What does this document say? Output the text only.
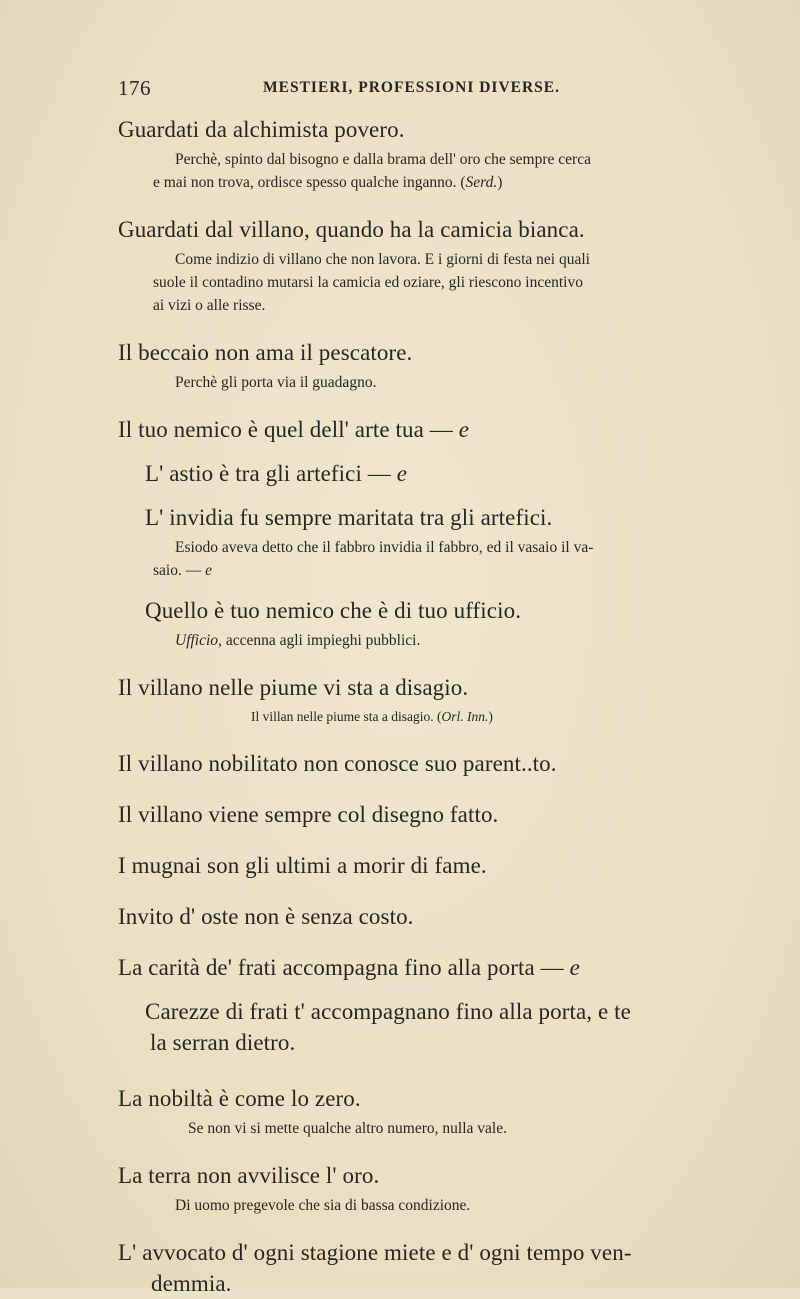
176	MESTIERI, PROFESSIONI DIVERSE.

Guardati da alchimista povero.

Perchè, spinto dal bisogno e dalla brama dell' oro che sempre cerca
e mai non trova, ordisce spesso qualche inganno. (Serd.)

Guardati dal villano, quando ha la camicia bianca.

Come indizio di villano che non lavora. E i giorni di festa nei quali
suole il contadino mutarsi la camicia ed oziare, gli riescono incentivo
ai vizi o alle risse.

Il beccaio non ama il pescatore.

Perchè gli porta via il guadagno.

Il tuo nemico è quel dell' arte tua — e

L' astio è tra gli artefici — e

L' invidia fu sempre maritata tra gli artefici.

Esiodo aveva detto che il fabbro invidia il fabbro, ed il vasaio il va-
saio. — e

Quello è tuo nemico che è di tuo ufficio.

Ufficio, accenna agli impieghi pubblici.

Il villano nelle piume vi sta a disagio.

Il villan nelle piume sta a disagio. (Orl. Inn.)

Il villano nobilitato non conosce suo parent..to.

Il villano viene sempre col disegno fatto.

I mugnai son gli ultimi a morir di fame.

Invito d' oste non è senza costo.

La carità de' frati accompagna fino alla porta — e

Carezze di frati t' accompagnano fino alla porta, e te
la serran dietro.

La nobiltà è come lo zero.

Se non vi si mette qualche altro numero, nulla vale.

La terra non avvilisce l' oro.

Di uomo pregevole che sia di bassa condizione.

L' avvocato d' ogni stagione miete e d' ogni tempo ven-
demmia.
